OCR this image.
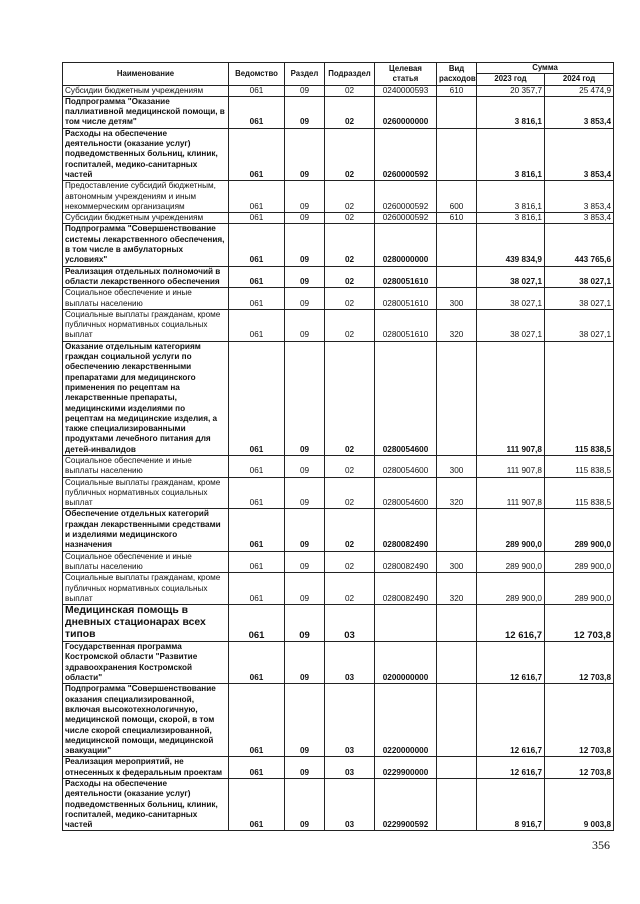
Наименование	Ведомство	Раздел	Подраздел	Целевая статья	Вид расходов	Сумма	
						2023 год	2024 год
Субсидии бюджетным учреждениям	061	09	02	0240000593	610	20 357,7	25 474,9
Подпрограмма "Оказание паллиативной медицинской помощи, в том числе детям"	061	09	02	0260000000		3 816,1	3 853,4
Расходы на обеспечение деятельности (оказание услуг) подведомственных больниц, клиник, госпиталей, медико-санитарных частей	061	09	02	0260000592		3 816,1	3 853,4
Предоставление субсидий бюджетным, автономным учреждениям и иным некоммерческим организациям	061	09	02	0260000592	600	3 816,1	3 853,4
Субсидии бюджетным учреждениям	061	09	02	0260000592	610	3 816,1	3 853,4
Подпрограмма "Совершенствование системы лекарственного обеспечения, в том числе в амбулаторных условиях"	061	09	02	0280000000		439 834,9	443 765,6
Реализация отдельных полномочий в области лекарственного обеспечения	061	09	02	0280051610		38 027,1	38 027,1
Социальное обеспечение и иные выплаты населению	061	09	02	0280051610	300	38 027,1	38 027,1
Социальные выплаты гражданам, кроме публичных нормативных социальных выплат	061	09	02	0280051610	320	38 027,1	38 027,1
Оказание отдельным категориям граждан социальной услуги по обеспечению лекарственными препаратами для медицинского применения по рецептам на лекарственные препараты, медицинскими изделиями по рецептам на медицинские изделия, а также специализированными продуктами лечебного питания для детей-инвалидов	061	09	02	0280054600		111 907,8	115 838,5
Социальное обеспечение и иные выплаты населению	061	09	02	0280054600	300	111 907,8	115 838,5
Социальные выплаты гражданам, кроме публичных нормативных социальных выплат	061	09	02	0280054600	320	111 907,8	115 838,5
Обеспечение отдельных категорий граждан лекарственными средствами и изделиями медицинского назначения	061	09	02	0280082490		289 900,0	289 900,0
Социальное обеспечение и иные выплаты населению	061	09	02	0280082490	300	289 900,0	289 900,0
Социальные выплаты гражданам, кроме публичных нормативных социальных выплат	061	09	02	0280082490	320	289 900,0	289 900,0
Медицинская помощь в дневных стационарах всех типов	061	09	03			12 616,7	12 703,8
Государственная программа Костромской области "Развитие здравоохранения Костромской области"	061	09	03	0200000000		12 616,7	12 703,8
Подпрограмма "Совершенствование оказания специализированной, включая высокотехнологичную, медицинской помощи, скорой, в том числе скорой специализированной, медицинской помощи, медицинской эвакуации"	061	09	03	0220000000		12 616,7	12 703,8
Реализация мероприятий, не отнесенных к федеральным проектам	061	09	03	0229900000		12 616,7	12 703,8
Расходы на обеспечение деятельности (оказание услуг) подведомственных больниц, клиник, госпиталей, медико-санитарных частей	061	09	03	0229900592		8 916,7	9 003,8
356
